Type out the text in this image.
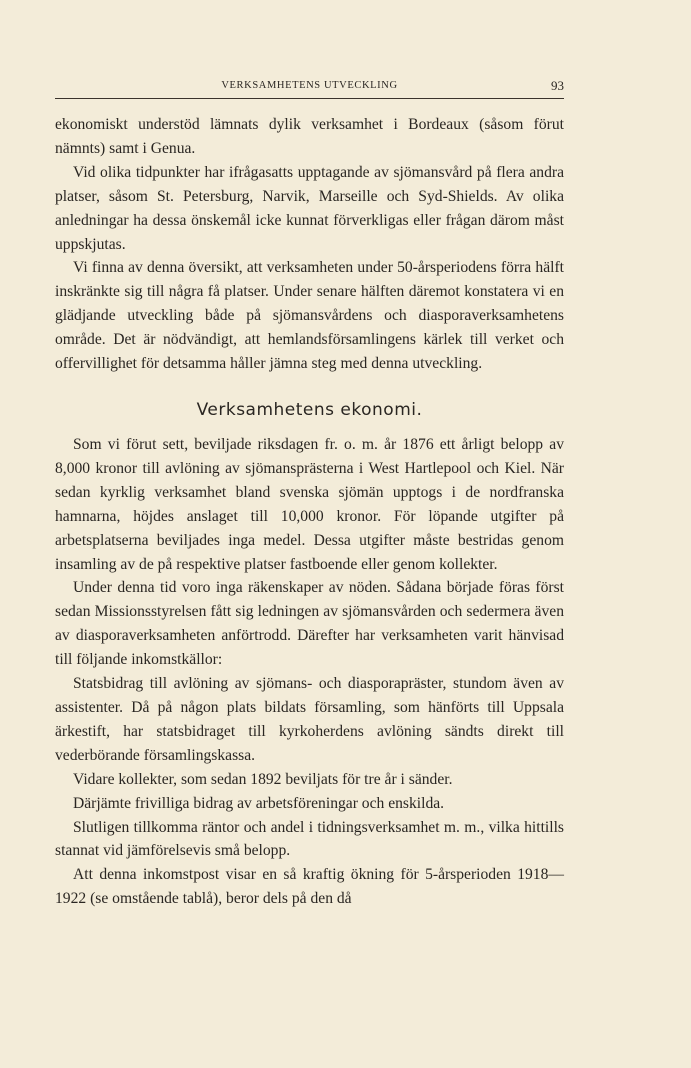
VERKSAMHETENS UTVECKLING	93

ekonomiskt understöd lämnats dylik verksamhet i Bordeaux (såsom förut nämnts) samt i Genua.

Vid olika tidpunkter har ifrågasatts upptagande av sjömansvård på flera andra platser, såsom St. Petersburg, Narvik, Marseille och Syd-Shields. Av olika anledningar ha dessa önskemål icke kunnat förverkligas eller frågan därom måst uppskjutas.

Vi finna av denna översikt, att verksamheten under 50-årsperiodens förra hälft inskränkte sig till några få platser. Under senare hälften däremot konstatera vi en glädjande utveckling både på sjömansvårdens och diasporaverksamhetens område. Det är nödvändigt, att hemlandsförsamlingens kärlek till verket och offervillighet för detsamma håller jämna steg med denna utveckling.

Verksamhetens ekonomi.

Som vi förut sett, beviljade riksdagen fr. o. m. år 1876 ett årligt belopp av 8,000 kronor till avlöning av sjömansprästerna i West Hartlepool och Kiel. När sedan kyrklig verksamhet bland svenska sjömän upptogs i de nordfranska hamnarna, höjdes anslaget till 10,000 kronor. För löpande utgifter på arbetsplatserna beviljades inga medel. Dessa utgifter måste bestridas genom insamling av de på respektive platser fastboende eller genom kollekter.

Under denna tid voro inga räkenskaper av nöden. Sådana började föras först sedan Missionsstyrelsen fått sig ledningen av sjömansvården och sedermera även av diasporaverksamheten anförtrodd. Därefter har verksamheten varit hänvisad till följande inkomstkällor:

Statsbidrag till avlöning av sjömans- och diasporapräster, stundom även av assistenter. Då på någon plats bildats församling, som hänförts till Uppsala ärkestift, har statsbidraget till kyrkoherdens avlöning sändts direkt till vederbörande församlingskassa.

Vidare kollekter, som sedan 1892 beviljats för tre år i sänder.

Därjämte frivilliga bidrag av arbetsföreningar och enskilda.

Slutligen tillkomma räntor och andel i tidningsverksamhet m. m., vilka hittills stannat vid jämförelsevis små belopp.

Att denna inkomstpost visar en så kraftig ökning för 5-årsperioden 1918—1922 (se omstående tablå), beror dels på den då
